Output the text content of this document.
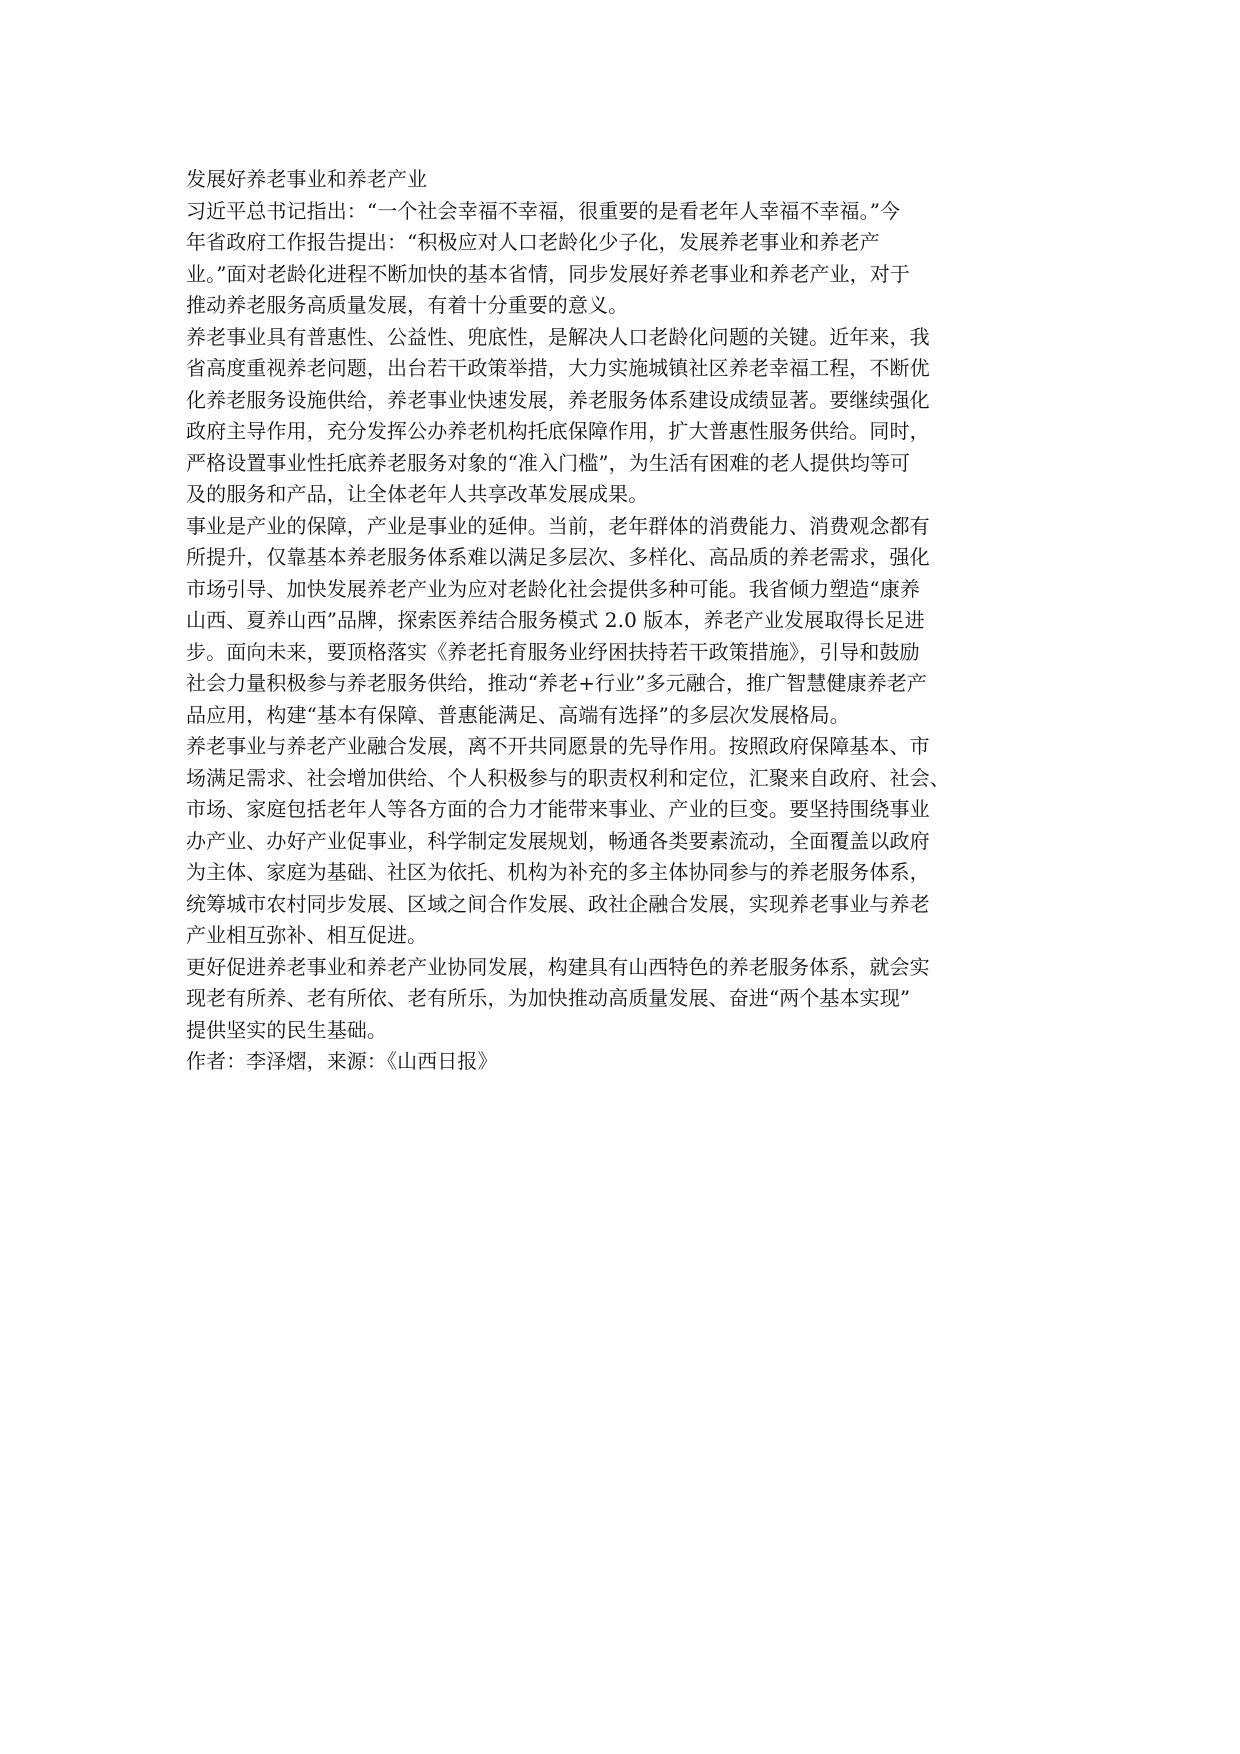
发展好养老事业和养老产业
习近平总书记指出：“一个社会幸福不幸福，很重要的是看老年人幸福不幸福。”今
年省政府工作报告提出：“积极应对人口老龄化少子化，发展养老事业和养老产
业。”面对老龄化进程不断加快的基本省情，同步发展好养老事业和养老产业，对于
推动养老服务高质量发展，有着十分重要的意义。
养老事业具有普惠性、公益性、兜底性，是解决人口老龄化问题的关键。近年来，我
省高度重视养老问题，出台若干政策举措，大力实施城镇社区养老幸福工程，不断优
化养老服务设施供给，养老事业快速发展，养老服务体系建设成绩显著。要继续强化
政府主导作用，充分发挥公办养老机构托底保障作用，扩大普惠性服务供给。同时，
严格设置事业性托底养老服务对象的“准入门槛”，为生活有困难的老人提供均等可
及的服务和产品，让全体老年人共享改革发展成果。
事业是产业的保障，产业是事业的延伸。当前，老年群体的消费能力、消费观念都有
所提升，仅靠基本养老服务体系难以满足多层次、多样化、高品质的养老需求，强化
市场引导、加快发展养老产业为应对老龄化社会提供多种可能。我省倾力塑造“康养
山西、夏养山西”品牌，探索医养结合服务模式 2.0 版本，养老产业发展取得长足进
步。面向未来，要顶格落实《养老托育服务业纾困扶持若干政策措施》，引导和鼓励
社会力量积极参与养老服务供给，推动“养老+行业”多元融合，推广智慧健康养老产
品应用，构建“基本有保障、普惠能满足、高端有选择”的多层次发展格局。
养老事业与养老产业融合发展，离不开共同愿景的先导作用。按照政府保障基本、市
场满足需求、社会增加供给、个人积极参与的职责权利和定位，汇聚来自政府、社会、
市场、家庭包括老年人等各方面的合力才能带来事业、产业的巨变。要坚持围绕事业
办产业、办好产业促事业，科学制定发展规划，畅通各类要素流动，全面覆盖以政府
为主体、家庭为基础、社区为依托、机构为补充的多主体协同参与的养老服务体系，
统筹城市农村同步发展、区域之间合作发展、政社企融合发展，实现养老事业与养老
产业相互弥补、相互促进。
更好促进养老事业和养老产业协同发展，构建具有山西特色的养老服务体系，就会实
现老有所养、老有所依、老有所乐，为加快推动高质量发展、奋进“两个基本实现”
提供坚实的民生基础。
作者：李泽熠，来源：《山西日报》
